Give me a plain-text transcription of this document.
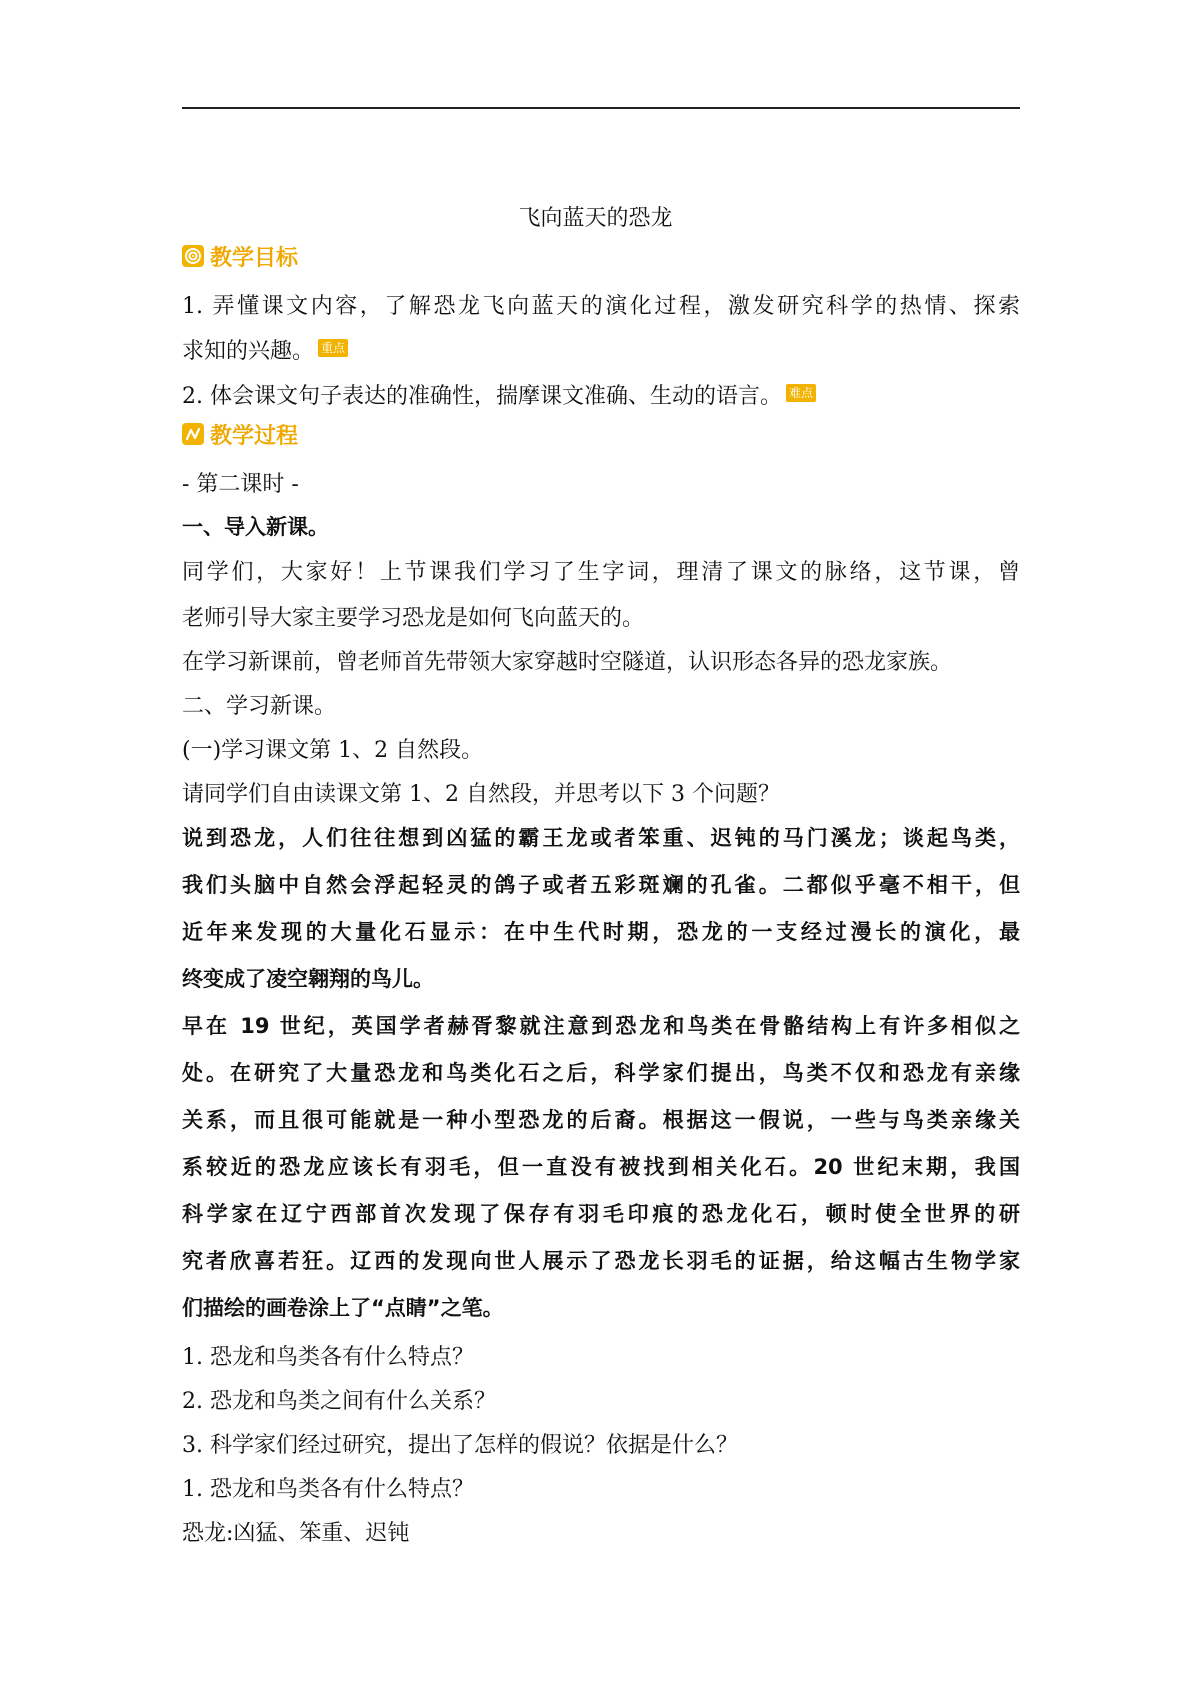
飞向蓝天的恐龙
教学目标
1. 弄懂课文内容，了解恐龙飞向蓝天的演化过程，激发研究科学的热情、探索
求知的兴趣。 重点
2. 体会课文句子表达的准确性，揣摩课文准确、生动的语言。 难点
教学过程
- 第二课时 -
一、导入新课。
同学们，大家好！上节课我们学习了生字词，理清了课文的脉络，这节课，曾
老师引导大家主要学习恐龙是如何飞向蓝天的。
在学习新课前，曾老师首先带领大家穿越时空隧道，认识形态各异的恐龙家族。
二、学习新课。
(一)学习课文第 1、2 自然段。
请同学们自由读课文第 1、2 自然段，并思考以下 3 个问题？
说到恐龙，人们往往想到凶猛的霸王龙或者笨重、迟钝的马门溪龙；谈起鸟类，
我们头脑中自然会浮起轻灵的鸽子或者五彩斑斓的孔雀。二都似乎毫不相干，但
近年来发现的大量化石显示：在中生代时期，恐龙的一支经过漫长的演化，最
终变成了凌空翱翔的鸟儿。
早在 19 世纪，英国学者赫胥黎就注意到恐龙和鸟类在骨骼结构上有许多相似之
处。在研究了大量恐龙和鸟类化石之后，科学家们提出，鸟类不仅和恐龙有亲缘
关系，而且很可能就是一种小型恐龙的后裔。根据这一假说，一些与鸟类亲缘关
系较近的恐龙应该长有羽毛，但一直没有被找到相关化石。20 世纪末期，我国
科学家在辽宁西部首次发现了保存有羽毛印痕的恐龙化石，顿时使全世界的研
究者欣喜若狂。辽西的发现向世人展示了恐龙长羽毛的证据，给这幅古生物学家
们描绘的画卷涂上了“点睛”之笔。
1. 恐龙和鸟类各有什么特点？
2. 恐龙和鸟类之间有什么关系？
3. 科学家们经过研究，提出了怎样的假说？依据是什么？
1. 恐龙和鸟类各有什么特点？
恐龙:凶猛、笨重、迟钝
